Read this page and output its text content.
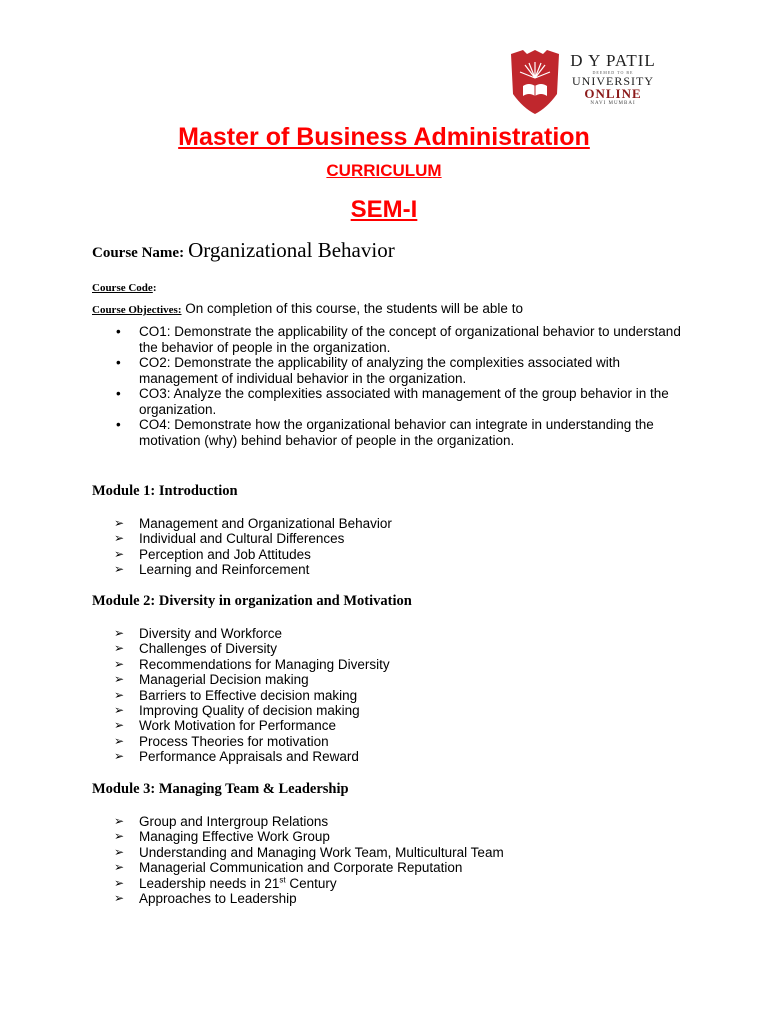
D Y PATIL
DEEMED TO BE
UNIVERSITY
ONLINE
NAVI MUMBAI
Master of Business Administration
CURRICULUM
SEM-I
Course Name: Organizational Behavior
Course Code:
Course Objectives: On completion of this course, the students will be able to
• CO1: Demonstrate the applicability of the concept of organizational behavior to understand the behavior of people in the organization.
• CO2: Demonstrate the applicability of analyzing the complexities associated with management of individual behavior in the organization.
• CO3: Analyze the complexities associated with management of the group behavior in the organization.
• CO4: Demonstrate how the organizational behavior can integrate in understanding the motivation (why) behind behavior of people in the organization.
Module 1: Introduction
➢ Management and Organizational Behavior
➢ Individual and Cultural Differences
➢ Perception and Job Attitudes
➢ Learning and Reinforcement
Module 2: Diversity in organization and Motivation
➢ Diversity and Workforce
➢ Challenges of Diversity
➢ Recommendations for Managing Diversity
➢ Managerial Decision making
➢ Barriers to Effective decision making
➢ Improving Quality of decision making
➢ Work Motivation for Performance
➢ Process Theories for motivation
➢ Performance Appraisals and Reward
Module 3: Managing Team & Leadership
➢ Group and Intergroup Relations
➢ Managing Effective Work Group
➢ Understanding and Managing Work Team, Multicultural Team
➢ Managerial Communication and Corporate Reputation
➢ Leadership needs in 21st Century
➢ Approaches to Leadership
